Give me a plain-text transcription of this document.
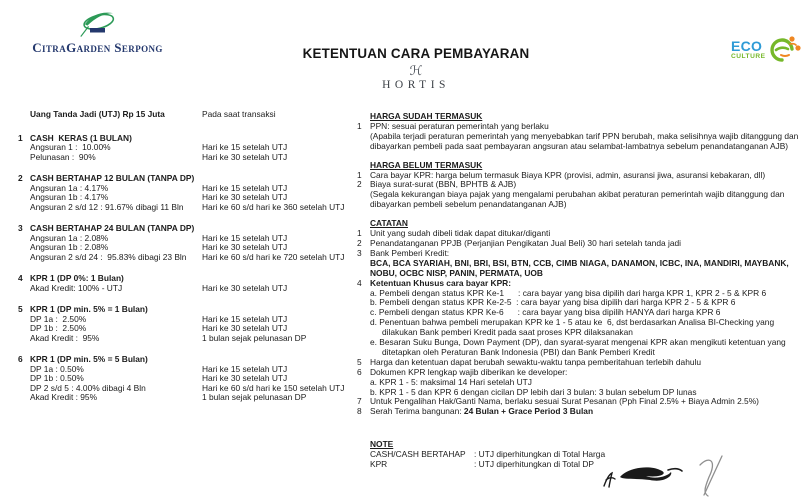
CitraGarden Serpong	KETENTUAN CARA PEMBAYARAN
ℋ
HORTIS
ECO
CULTURE
Uang Tanda Jadi (UTJ) Rp 15 Juta	Pada saat transaksi
1 CASH  KERAS (1 BULAN)
Angsuran 1 :  10.00%	Hari ke 15 setelah UTJ
Pelunasan :  90%	Hari ke 30 setelah UTJ
2 CASH BERTAHAP 12 BULAN (TANPA DP)
Angsuran 1a : 4.17%	Hari ke 15 setelah UTJ
Angsuran 1b : 4.17%	Hari ke 30 setelah UTJ
Angsuran 2 s/d 12 : 91.67% dibagi 11 Bln	Hari ke 60 s/d hari ke 360 setelah UTJ
3 CASH BERTAHAP 24 BULAN (TANPA DP)
Angsuran 1a : 2.08%	Hari ke 15 setelah UTJ
Angsuran 1b : 2.08%	Hari ke 30 setelah UTJ
Angsuran 2 s/d 24 :  95.83% dibagi 23 Bln	Hari ke 60 s/d hari ke 720 setelah UTJ
4 KPR 1 (DP 0%: 1 Bulan)
Akad Kredit: 100% - UTJ	Hari ke 30 setelah UTJ
5 KPR 1 (DP min. 5% = 1 Bulan)
DP 1a :  2.50%	Hari ke 15 setelah UTJ
DP 1b :  2.50%	Hari ke 30 setelah UTJ
Akad Kredit :  95%	1 bulan sejak pelunasan DP
6 KPR 1 (DP min. 5% = 5 Bulan)
DP 1a : 0.50%	Hari ke 15 setelah UTJ
DP 1b : 0.50%	Hari ke 30 setelah UTJ
DP 2 s/d 5 : 4.00% dibagi 4 Bln	Hari ke 60 s/d hari ke 150 setelah UTJ
Akad Kredit : 95%	1 bulan sejak pelunasan DP
HARGA SUDAH TERMASUK
1 PPN: sesuai peraturan pemerintah yang berlaku
(Apabila terjadi peraturan pemerintah yang menyebabkan tarif PPN berubah, maka selisihnya wajib ditanggung dan dibayarkan pembeli pada saat pembayaran angsuran atau selambat-lambatnya sebelum penandatanganan AJB)
HARGA BELUM TERMASUK
1 Cara bayar KPR: harga belum termasuk Biaya KPR (provisi, admin, asuransi jiwa, asuransi kebakaran, dll)
2 Biaya surat-surat (BBN, BPHTB & AJB)
(Segala kekurangan biaya pajak yang mengalami perubahan akibat peraturan pemerintah wajib ditanggung dan dibayarkan pembeli sebelum penandatanganan AJB)
CATATAN
1 Unit yang sudah dibeli tidak dapat ditukar/diganti
2 Penandatanganan PPJB (Perjanjian Pengikatan Jual Beli) 30 hari setelah tanda jadi
3 Bank Pemberi Kredit:
BCA, BCA SYARIAH, BNI, BRI, BSI, BTN, CCB, CIMB NIAGA, DANAMON, ICBC, INA, MANDIRI, MAYBANK, NOBU, OCBC NISP, PANIN, PERMATA, UOB
4 Ketentuan Khusus cara bayar KPR:
a. Pembeli dengan status KPR Ke-1      : cara bayar yang bisa dipilih dari harga KPR 1, KPR 2 - 5 & KPR 6
b. Pembeli dengan status KPR Ke-2-5  : cara bayar yang bisa dipilih dari harga KPR 2 - 5 & KPR 6
c. Pembeli dengan status KPR Ke-6      : cara bayar yang bisa dipilih HANYA dari harga KPR 6
d. Penentuan bahwa pembeli merupakan KPR ke 1 - 5 atau ke  6, dst berdasarkan Analisa BI-Checking yang dilakukan Bank pemberi Kredit pada saat proses KPR dilaksanakan
e. Besaran Suku Bunga, Down Payment (DP), dan syarat-syarat mengenai KPR akan mengikuti ketentuan yang ditetapkan oleh Peraturan Bank Indonesia (PBI) dan Bank Pemberi Kredit
5 Harga dan ketentuan dapat berubah sewaktu-waktu tanpa pemberitahuan terlebih dahulu
6 Dokumen KPR lengkap wajib diberikan ke developer:
a. KPR 1 - 5: maksimal 14 Hari setelah UTJ
b. KPR 1 - 5 dan KPR 6 dengan cicilan DP lebih dari 3 bulan: 3 bulan sebelum DP lunas
7 Untuk Pengalihan Hak/Ganti Nama, berlaku sesuai Surat Pesanan (Pph Final 2.5% + Biaya Admin 2.5%)
8 Serah Terima bangunan: 24 Bulan + Grace Period 3 Bulan
NOTE
CASH/CASH BERTAHAP	: UTJ diperhitungkan di Total Harga
KPR	: UTJ diperhitungkan di Total DP
